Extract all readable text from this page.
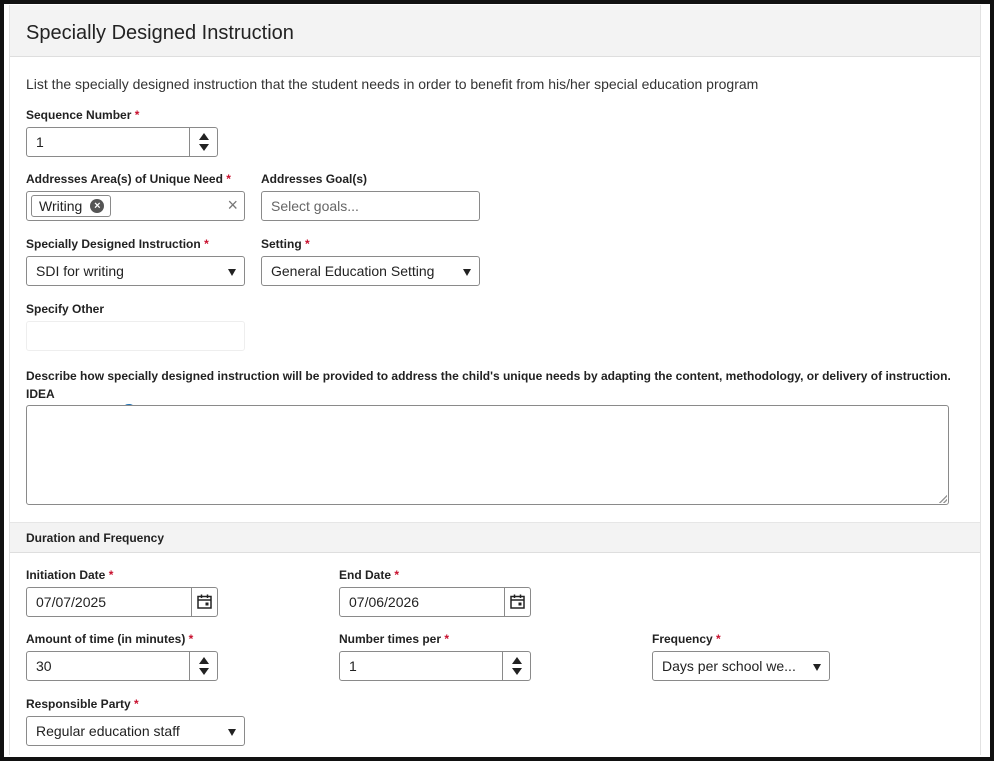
Specially Designed Instruction
List the specially designed instruction that the student needs in order to benefit from his/her special education program
Sequence Number *
1
Addresses Area(s) of Unique Need *
Writing	×	×
Addresses Goal(s)
Select goals...
Specially Designed Instruction *
SDI for writing
Setting *
General Education Setting
Specify Other
Describe how specially designed instruction will be provided to address the child's unique needs by adapting the content, methodology, or delivery of instruction. IDEA

Duration and Frequency
Initiation Date *
07/07/2025
End Date *
07/06/2026
Amount of time (in minutes) *
30
Number times per *
1
Frequency *
Days per school we...
Responsible Party *
Regular education staff
